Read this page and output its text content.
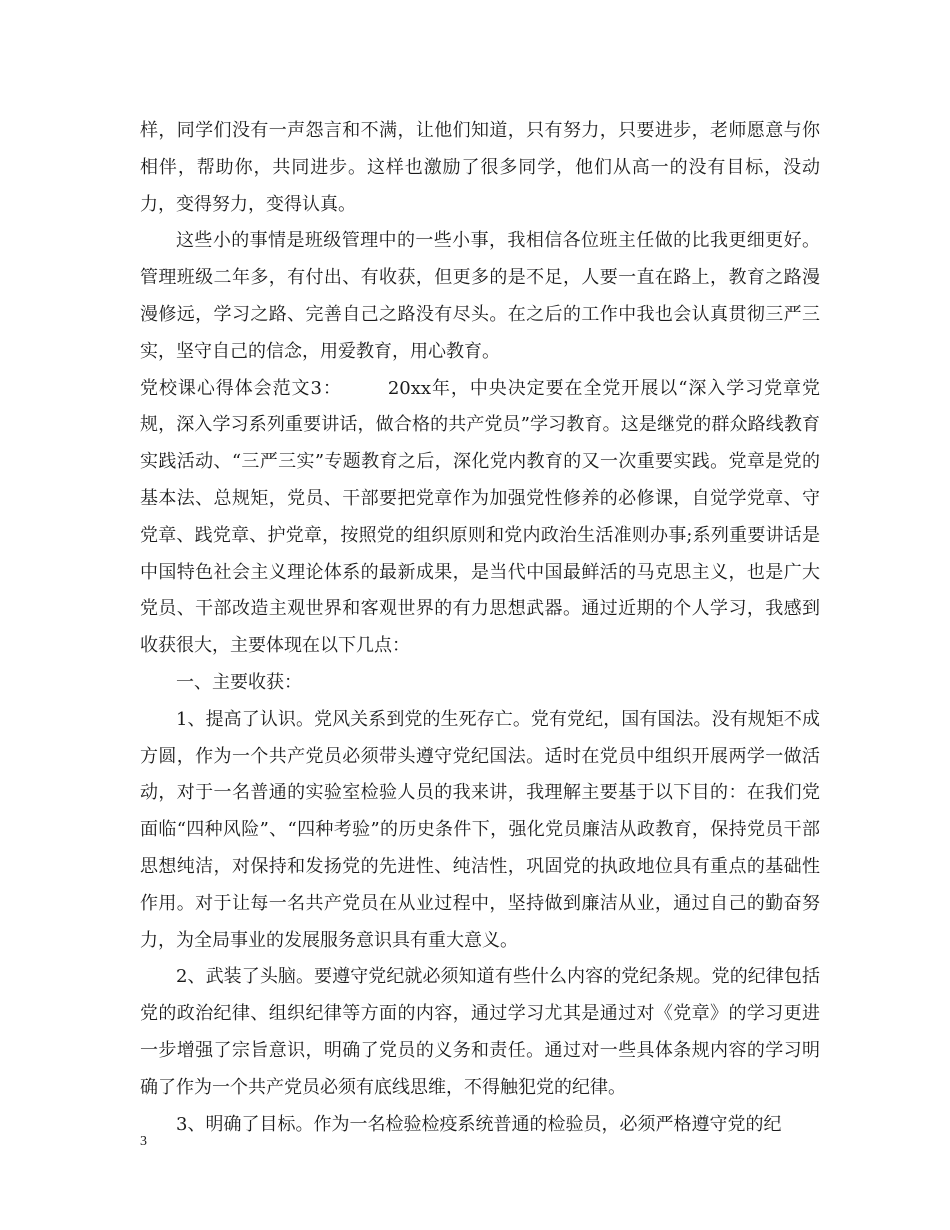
样，同学们没有一声怨言和不满，让他们知道，只有努力，只要进步，老师愿意与你相伴，帮助你，共同进步。这样也激励了很多同学，他们从高一的没有目标，没动力，变得努力，变得认真。

这些小的事情是班级管理中的一些小事，我相信各位班主任做的比我更细更好。管理班级二年多，有付出、有收获，但更多的是不足，人要一直在路上，教育之路漫漫修远，学习之路、完善自己之路没有尽头。在之后的工作中我也会认真贯彻三严三实，坚守自己的信念，用爱教育，用心教育。

党校课心得体会范文3：	20xx年，中央决定要在全党开展以“深入学习党章党规，深入学习系列重要讲话，做合格的共产党员”学习教育。这是继党的群众路线教育实践活动、“三严三实”专题教育之后，深化党内教育的又一次重要实践。党章是党的基本法、总规矩，党员、干部要把党章作为加强党性修养的必修课，自觉学党章、守党章、践党章、护党章，按照党的组织原则和党内政治生活准则办事;系列重要讲话是中国特色社会主义理论体系的最新成果，是当代中国最鲜活的马克思主义，也是广大党员、干部改造主观世界和客观世界的有力思想武器。通过近期的个人学习，我感到收获很大，主要体现在以下几点：

一、主要收获：

1、提高了认识。党风关系到党的生死存亡。党有党纪，国有国法。没有规矩不成方圆，作为一个共产党员必须带头遵守党纪国法。适时在党员中组织开展两学一做活动，对于一名普通的实验室检验人员的我来讲，我理解主要基于以下目的：在我们党面临“四种风险”、“四种考验”的历史条件下，强化党员廉洁从政教育，保持党员干部思想纯洁，对保持和发扬党的先进性、纯洁性，巩固党的执政地位具有重点的基础性作用。对于让每一名共产党员在从业过程中，坚持做到廉洁从业，通过自己的勤奋努力，为全局事业的发展服务意识具有重大意义。

2、武装了头脑。要遵守党纪就必须知道有些什么内容的党纪条规。党的纪律包括党的政治纪律、组织纪律等方面的内容，通过学习尤其是通过对《党章》的学习更进一步增强了宗旨意识，明确了党员的义务和责任。通过对一些具体条规内容的学习明确了作为一个共产党员必须有底线思维，不得触犯党的纪律。

3、明确了目标。作为一名检验检疫系统普通的检验员，必须严格遵守党的纪

3
